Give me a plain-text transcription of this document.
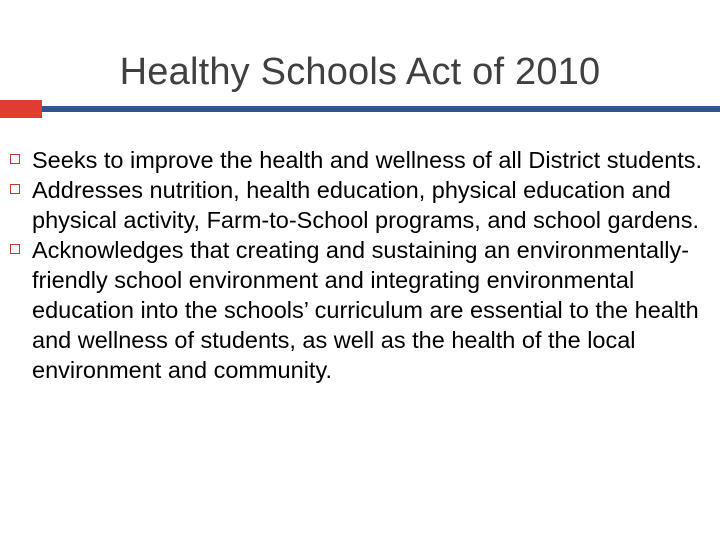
Healthy Schools Act of 2010
Seeks to improve the health and wellness of all District students.
Addresses nutrition, health education, physical education and physical activity, Farm-to-School programs, and school gardens.
Acknowledges that creating and sustaining an environmentally-friendly school environment and integrating environmental education into the schools’ curriculum are essential to the health and wellness of students, as well as the health of the local environment and community.
